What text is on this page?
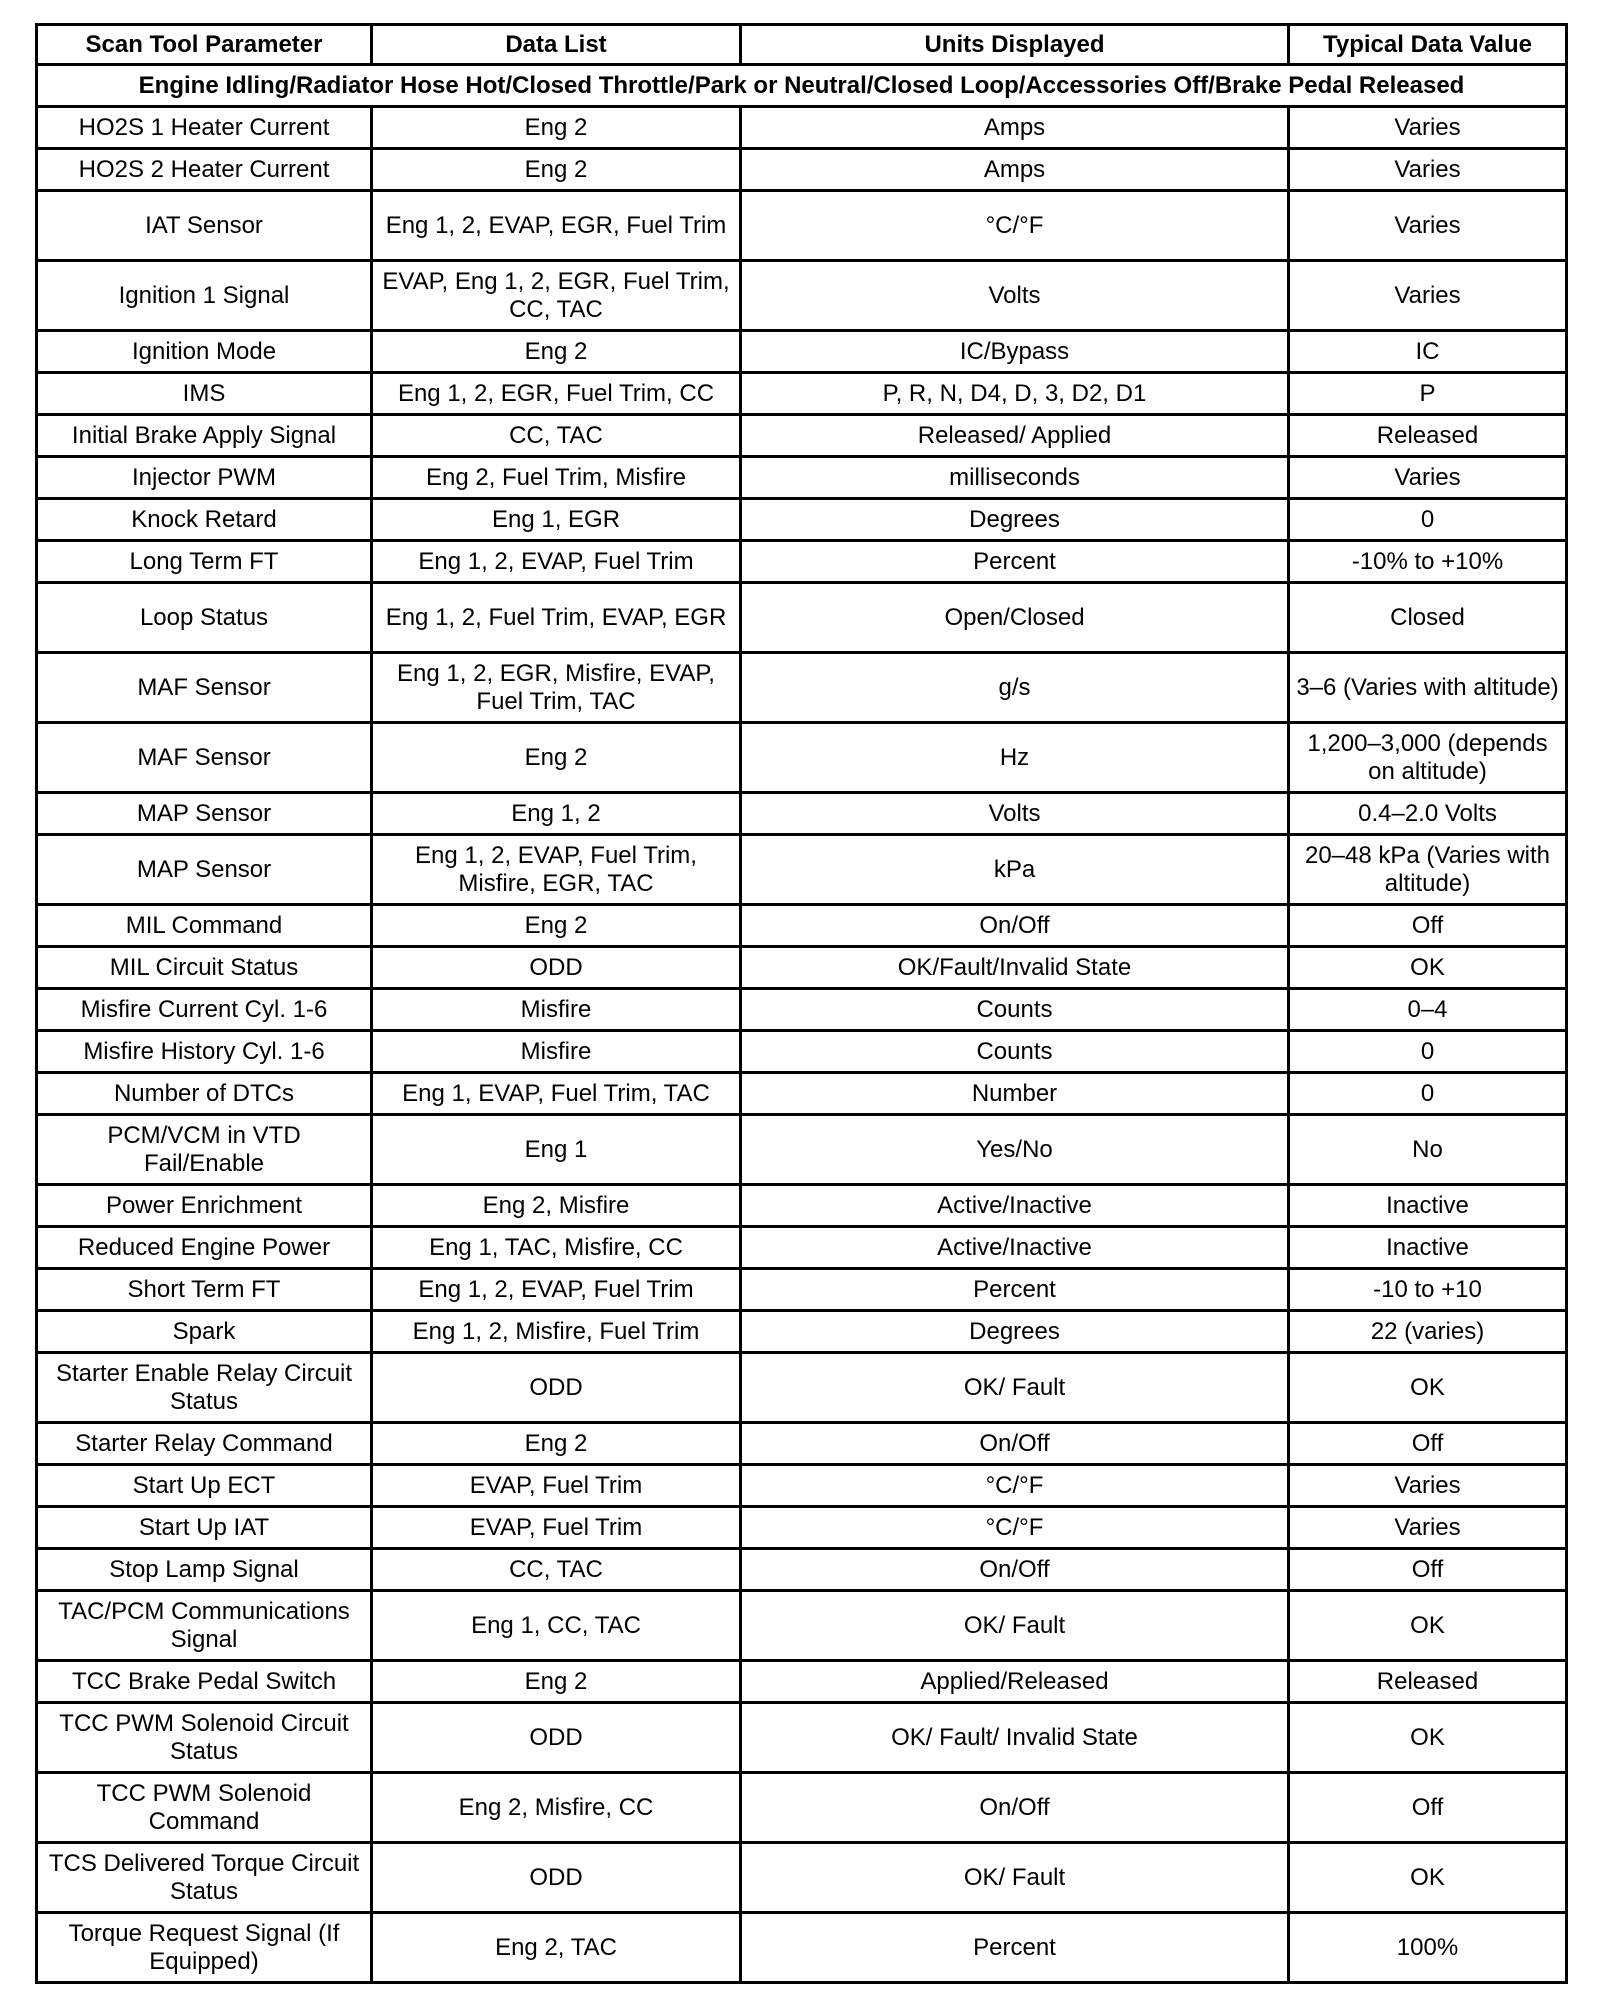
Scan Tool Parameter	Data List	Units Displayed	Typical Data Value
Engine Idling/Radiator Hose Hot/Closed Throttle/Park or Neutral/Closed Loop/Accessories Off/Brake Pedal Released			
HO2S 1 Heater Current	Eng 2	Amps	Varies
HO2S 2 Heater Current	Eng 2	Amps	Varies
IAT Sensor	Eng 1, 2, EVAP, EGR, Fuel Trim	°C/°F	Varies
Ignition 1 Signal	EVAP, Eng 1, 2, EGR, Fuel Trim, CC, TAC	Volts	Varies
Ignition Mode	Eng 2	IC/Bypass	IC
IMS	Eng 1, 2, EGR, Fuel Trim, CC	P, R, N, D4, D, 3, D2, D1	P
Initial Brake Apply Signal	CC, TAC	Released/ Applied	Released
Injector PWM	Eng 2, Fuel Trim, Misfire	milliseconds	Varies
Knock Retard	Eng 1, EGR	Degrees	0
Long Term FT	Eng 1, 2, EVAP, Fuel Trim	Percent	-10% to +10%
Loop Status	Eng 1, 2, Fuel Trim, EVAP, EGR	Open/Closed	Closed
MAF Sensor	Eng 1, 2, EGR, Misfire, EVAP, Fuel Trim, TAC	g/s	3–6 (Varies with altitude)
MAF Sensor	Eng 2	Hz	1,200–3,000 (depends on altitude)
MAP Sensor	Eng 1, 2	Volts	0.4–2.0 Volts
MAP Sensor	Eng 1, 2, EVAP, Fuel Trim, Misfire, EGR, TAC	kPa	20–48 kPa (Varies with altitude)
MIL Command	Eng 2	On/Off	Off
MIL Circuit Status	ODD	OK/Fault/Invalid State	OK
Misfire Current Cyl. 1-6	Misfire	Counts	0–4
Misfire History Cyl. 1-6	Misfire	Counts	0
Number of DTCs	Eng 1, EVAP, Fuel Trim, TAC	Number	0
PCM/VCM in VTD Fail/Enable	Eng 1	Yes/No	No
Power Enrichment	Eng 2, Misfire	Active/Inactive	Inactive
Reduced Engine Power	Eng 1, TAC, Misfire, CC	Active/Inactive	Inactive
Short Term FT	Eng 1, 2, EVAP, Fuel Trim	Percent	-10 to +10
Spark	Eng 1, 2, Misfire, Fuel Trim	Degrees	22 (varies)
Starter Enable Relay Circuit Status	ODD	OK/ Fault	OK
Starter Relay Command	Eng 2	On/Off	Off
Start Up ECT	EVAP, Fuel Trim	°C/°F	Varies
Start Up IAT	EVAP, Fuel Trim	°C/°F	Varies
Stop Lamp Signal	CC, TAC	On/Off	Off
TAC/PCM Communications Signal	Eng 1, CC, TAC	OK/ Fault	OK
TCC Brake Pedal Switch	Eng 2	Applied/Released	Released
TCC PWM Solenoid Circuit Status	ODD	OK/ Fault/ Invalid State	OK
TCC PWM Solenoid Command	Eng 2, Misfire, CC	On/Off	Off
TCS Delivered Torque Circuit Status	ODD	OK/ Fault	OK
Torque Request Signal (If Equipped)	Eng 2, TAC	Percent	100%
